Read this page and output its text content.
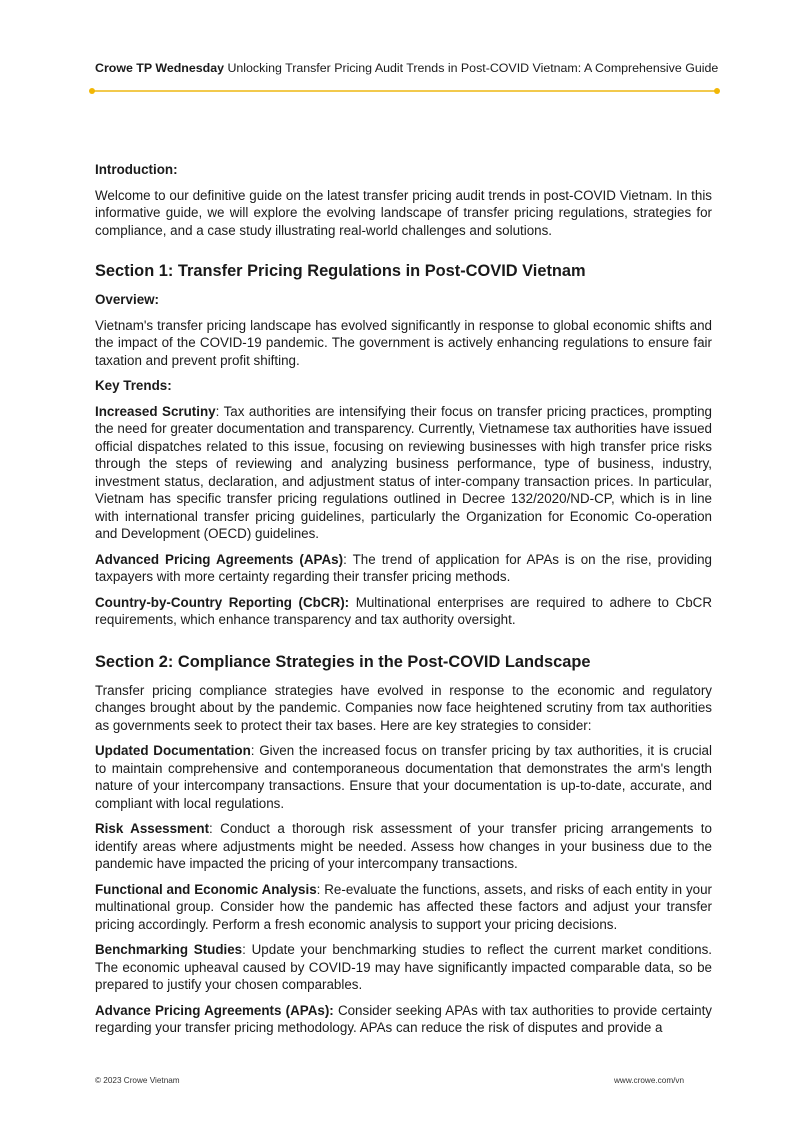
Crowe TP Wednesday Unlocking Transfer Pricing Audit Trends in Post-COVID Vietnam: A Comprehensive Guide
Introduction:

Welcome to our definitive guide on the latest transfer pricing audit trends in post-COVID Vietnam. In this informative guide, we will explore the evolving landscape of transfer pricing regulations, strategies for compliance, and a case study illustrating real-world challenges and solutions.

Section 1: Transfer Pricing Regulations in Post-COVID Vietnam
Overview:

Vietnam's transfer pricing landscape has evolved significantly in response to global economic shifts and the impact of the COVID-19 pandemic. The government is actively enhancing regulations to ensure fair taxation and prevent profit shifting.

Key Trends:

Increased Scrutiny: Tax authorities are intensifying their focus on transfer pricing practices, prompting the need for greater documentation and transparency. Currently, Vietnamese tax authorities have issued official dispatches related to this issue, focusing on reviewing businesses with high transfer price risks through the steps of reviewing and analyzing business performance, type of business, industry, investment status, declaration, and adjustment status of inter-company transaction prices. In particular, Vietnam has specific transfer pricing regulations outlined in Decree 132/2020/ND-CP, which is in line with international transfer pricing guidelines, particularly the Organization for Economic Co-operation and Development (OECD) guidelines.

Advanced Pricing Agreements (APAs): The trend of application for APAs is on the rise, providing taxpayers with more certainty regarding their transfer pricing methods.

Country-by-Country Reporting (CbCR): Multinational enterprises are required to adhere to CbCR requirements, which enhance transparency and tax authority oversight.

Section 2: Compliance Strategies in the Post-COVID Landscape

Transfer pricing compliance strategies have evolved in response to the economic and regulatory changes brought about by the pandemic. Companies now face heightened scrutiny from tax authorities as governments seek to protect their tax bases. Here are key strategies to consider:

Updated Documentation: Given the increased focus on transfer pricing by tax authorities, it is crucial to maintain comprehensive and contemporaneous documentation that demonstrates the arm's length nature of your intercompany transactions. Ensure that your documentation is up-to-date, accurate, and compliant with local regulations.

Risk Assessment: Conduct a thorough risk assessment of your transfer pricing arrangements to identify areas where adjustments might be needed. Assess how changes in your business due to the pandemic have impacted the pricing of your intercompany transactions.

Functional and Economic Analysis: Re-evaluate the functions, assets, and risks of each entity in your multinational group. Consider how the pandemic has affected these factors and adjust your transfer pricing accordingly. Perform a fresh economic analysis to support your pricing decisions.

Benchmarking Studies: Update your benchmarking studies to reflect the current market conditions. The economic upheaval caused by COVID-19 may have significantly impacted comparable data, so be prepared to justify your chosen comparables.

Advance Pricing Agreements (APAs): Consider seeking APAs with tax authorities to provide certainty regarding your transfer pricing methodology. APAs can reduce the risk of disputes and provide a

© 2023 Crowe Vietnam	www.crowe.com/vn
